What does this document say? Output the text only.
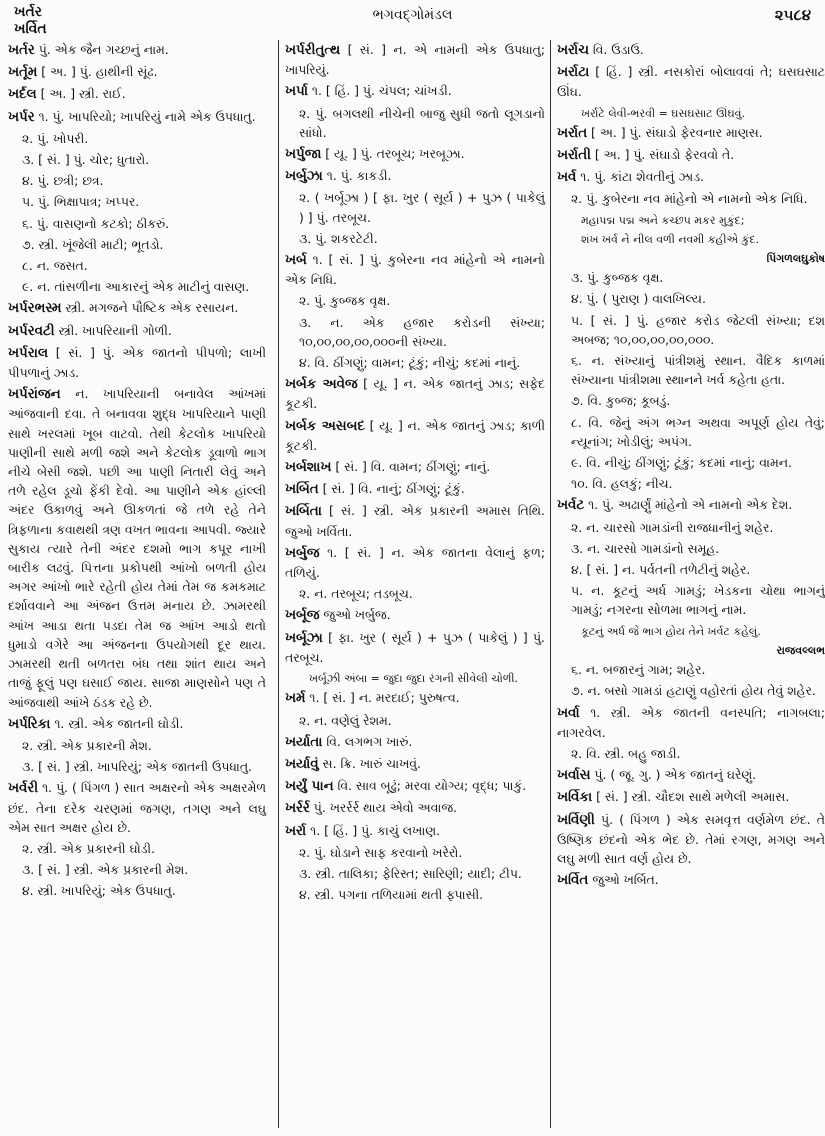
ખર્તર
ખર્વિત
ભગવદ્ગોમંડલ	૨૫૮૪

ખર્તર પું. એક જૈન ગચ્છનું નામ.

ખર્તૂમ [ અ. ] પું. હાથીની સૂંઢ.

ખર્દલ [ અ. ] સ્ત્રી. રાઈ.

ખર્પર ૧. પું. ખાપરિયો; ખાપરિયું નામે એક ઉપધાતુ.

૨. પું. ખોપરી.

૩. [ સં. ] પું. ચોર; ધુતારો.

૪. પું. છત્રી; છત્ર.

૫. પું. ભિક્ષાપાત્ર; ખપ્પર.

૬. પું. વાસણનો કટકો; ઠીકરું.

૭. સ્ત્રી. ખૂંજેલી માટી; ભૂતડો.

૮. ન. જસત.

૯. ન. તાંસળીના આકારનું એક માટીનું વાસણ.

ખર્પરભસ્મ સ્ત્રી. મગજને પૌષ્ટિક એક રસાયન.

ખર્પરવટી સ્ત્રી. ખાપરિયાની ગોળી.

ખર્પરાલ [ સં. ] પું. એક જાતનો પીપળો; લાખી પીપળાનું ઝાડ.

ખર્પરાંજન ન. ખાપરિયાની બનાવેલ આંખમાં આંજવાની દવા. તે બનાવવા શુદ્ધ ખાપરિયાને પાણી સાથે ખરલમાં ખૂબ વાટવો. તેથી કેટલોક ખાપરિયો પાણીની સાથે મળી જશે અને કેટલોક ડૂવાળો ભાગ નીચે બેસી જશે. પછી આ પાણી નિતારી લેવું અને તળે રહેલ ડૂચો ફેંકી દેવો. આ પાણીને એક હાંલ્લી અંદર ઉકાળવું અને ઊકળતાં જે તળે રહે તેને ત્રિફળાના કવાથથી ત્રણ વખત ભાવના આપવી. જ્યારે સુકાય ત્યારે તેની અંદર દશમો ભાગ કપૂર નાખી બારીક લઢવું. પિત્તના પ્રકોપથી આંખો બળતી હોય અગર આંખો ભારે રહેતી હોય તેમાં તેમ જ કમકમાટ દર્શાવવાને આ અંજન ઉત્તમ મનાય છે. ઝામરથી આંખ આડા થતા પડદા તેમ જ આંખ આડો થતો ધુમાડો વગેરે આ અંજનના ઉપયોગથી દૂર થાય. ઝામરથી થતી બળતરા બંધ તથા શાંત થાય અને તાજું ફૂલું પણ ઘસાઈ જાય. સાજા માણસોને પણ તે આંજવાથી આંખે ઠંડક રહે છે.

ખર્પરિકા ૧. સ્ત્રી. એક જાતની ઘોડી.

૨. સ્ત્રી. એક પ્રકારની મેશ.

૩. [ સં. ] સ્ત્રી. ખાપરિયું; એક જાતની ઉપધાતુ.

ખર્વરી ૧. પું. ( પિંગળ ) સાત અક્ષરનો એક અક્ષરમેળ છંદ. તેના દરેક ચરણમાં જગણ, તગણ અને લઘુ એમ સાત અક્ષર હોય છે.

૨. સ્ત્રી. એક પ્રકારની ઘોડી.

૩. [ સં. ] સ્ત્રી. એક પ્રકારની મેશ.

૪. સ્ત્રી. ખાપરિયું; એક ઉપધાતુ.

ખર્પરીતુત્થ [ સં. ] ન. એ નામની એક ઉપધાતુ; ખાપરિયું.

ખર્પા ૧. [ હિં. ] પું. ચંપલ; ચાંખડી.

૨. પું. બગલથી નીચેની બાજુ સુધી જતો લૂગડાનો સાંધો.

ખર્પુજા [ યૂ. ] પું. તરબૂચ; ખરબૂઝા.

ખર્બુઝા ૧. પું. કાકડી.

૨. ( ખર્બૂઝા ) [ ફા. ખુર ( સૂર્ય ) + પુઝ ( પાકેલું ) ] પું. તરબૂચ.

૩. પું. શકરટેટી.

ખર્બ ૧. [ સં. ] પું. કુબેરના નવ માંહેનો એ નામનો એક નિધિ.

૨. પું. કુબ્જક વૃક્ષ.

૩. ન. એક હજાર કરોડની સંખ્યા; ૧૦,૦૦,૦૦,૦૦,૦૦૦ની સંખ્યા.

૪. વિ. ઠીંગણું; વામન; ટૂંકું; નીચું; કદમાં નાનું.

ખર્બક અવેજ [ યૂ. ] ન. એક જાતનું ઝાડ; સફેદ કૂટકી.

ખર્બક અસબદ [ યૂ. ] ન. એક જાતનું ઝાડ; કાળી કૂટકી.

ખર્બશાખ [ સં. ] વિ. વામન; ઠીંગણું; નાનું.

ખર્બિત [ સં. ] વિ. નાનું; ઠીંગણું; ટૂંકું.

ખર્બિતા [ સં. ] સ્ત્રી. એક પ્રકારની અમાસ તિથિ. જુઓ ખર્વિતા.

ખર્બુજ ૧. [ સં. ] ન. એક જાતના વેલાનું ફળ; તળિયું.

૨. ન. તરબૂચ; તડબૂચ.

ખર્બૂજ જુઓ ખર્બુજ.

ખર્બૂઝા [ ફા. ખુર ( સૂર્ય ) + પુઝ ( પાકેલું ) ] પું. તરબૂચ.

ખર્બૂઝી અંબા = જુદા જુદા રંગની સીવેલી ચોળી.

ખર્મ ૧. [ સં. ] ન. મરદાઈ; પુરુષત્વ.

૨. ન. વણેલું રેશમ.

ખર્યાતા વિ. લગભગ ખારું.

ખર્યાવું સ. ક્રિ. ખારું ચાખવું.

ખર્યું પાન વિ. સાવ બૂઢું; મરવા યોગ્ય; વૃદ્ધ; પાકું.

ખર્રર્ર પું. ખરર્રર્ર થાય એવો અવાજ.

ખર્રા ૧. [ હિં. ] પું. કાચું લખાણ.

૨. પું. ઘોડાને સાફ કરવાનો ખરેરો.

૩. સ્ત્રી. તાલિકા; ફેરિસ્ત; સારિણી; યાદી; ટીપ.

૪. સ્ત્રી. પગના તળિયામાં થતી ફ્પાસી.

ખર્રાચ વિ. ઉડાઉ.

ખર્રાટા [ હિં. ] સ્ત્રી. નસકોરાં બોલાવવાં તે; ઘસઘસાટ ઊંઘ.

ખર્રાટે લેવી-ભરવી = ઘસઘસાટ ઊંઘવું.

ખર્રાત [ અ. ] પું. સંઘાડો ફેરવનાર માણસ.

ખર્રાતી [ અ. ] પું. સંઘાડો ફેરવવો તે.

ખર્વ ૧. પું. કાંટા શેવતીનું ઝાડ.

૨. પું. કુબેરના નવ માંહેનો એ નામનો એક નિધિ.

મહાપદ્મ પદ્મ અને કચ્છપ મકર મુકુંદ;

શંખ ખર્વ ને નીલ વળી નવમી કહીએ કુંદ.

પિંગળલઘુકોષ

૩. પું. કુબ્જક વૃક્ષ.

૪. પું. ( પુરાણ ) વાલખિલ્ય.

૫. [ સં. ] પું. હજાર કરોડ જેટલી સંખ્યા; દશ અબજ; ૧૦,૦૦,૦૦,૦૦,૦૦૦.

૬. ન. સંખ્યાનું પાંત્રીશમું સ્થાન. વૈદિક કાળમાં સંખ્યાના પાંત્રીશમા સ્થાનને ખર્વ કહેતા હતા.

૭. વિ. કુબ્જ; કૂબડું.

૮. વિ. જેનું અંગ ભગ્ન અથવા અપૂર્ણ હોય તેવું; ન્યૂનાંગ; ખોડીલું; અપંગ.

૯. વિ. નીચું; ઠીંગણું; ટૂંકું; કદમાં નાનું; વામન.

૧૦. વિ. હલકું; નીચ.

ખર્વટ ૧. પું. અઢાર્ણું માંહેનો એ નામનો એક દેશ.

૨. ન. ચારસો ગામડાંની રાજધાનીનું શહેર.

૩. ન. ચારસો ગામડાંનો સમૂહ.

૪. [ સં. ] ન. પર્વતની તળેટીનું શહેર.

૫. ન. કૂટનું અર્ધ ગામડું; ખેડકના ચોથા ભાગનું ગામડું; નગરના સોળમા ભાગનું નામ.

કૂટનું અર્ધ જે ભાગ હોય તેને ખર્વટ કહેલું.

રાજવલ્લભ

૬. ન. બજારનું ગામ; શહેર.

૭. ન. બસો ગામડાં હટાણું વહોરતાં હોય તેવું શહેર.

ખર્વા ૧. સ્ત્રી. એક જાતની વનસ્પતિ; નાગબલા; નાગરવેલ.

૨. વિ. સ્ત્રી. બહુ જાડી.

ખર્વાસ પું. ( જૂ. ગુ. ) એક જાતનું ઘરેણું.

ખર્વિકા [ સં. ] સ્ત્રી. ચૌદશ સાથે મળેલી અમાસ.

ખર્વિણી પું. ( પિંગળ ) એક સમવૃત્ત વર્ણમેળ છંદ. તે ઉષ્ણિક છંદનો એક ભેદ છે. તેમાં રગણ, મગણ અને લઘુ મળી સાત વર્ણ હોય છે.

ખર્વિત જુઓ ખર્બિત.
